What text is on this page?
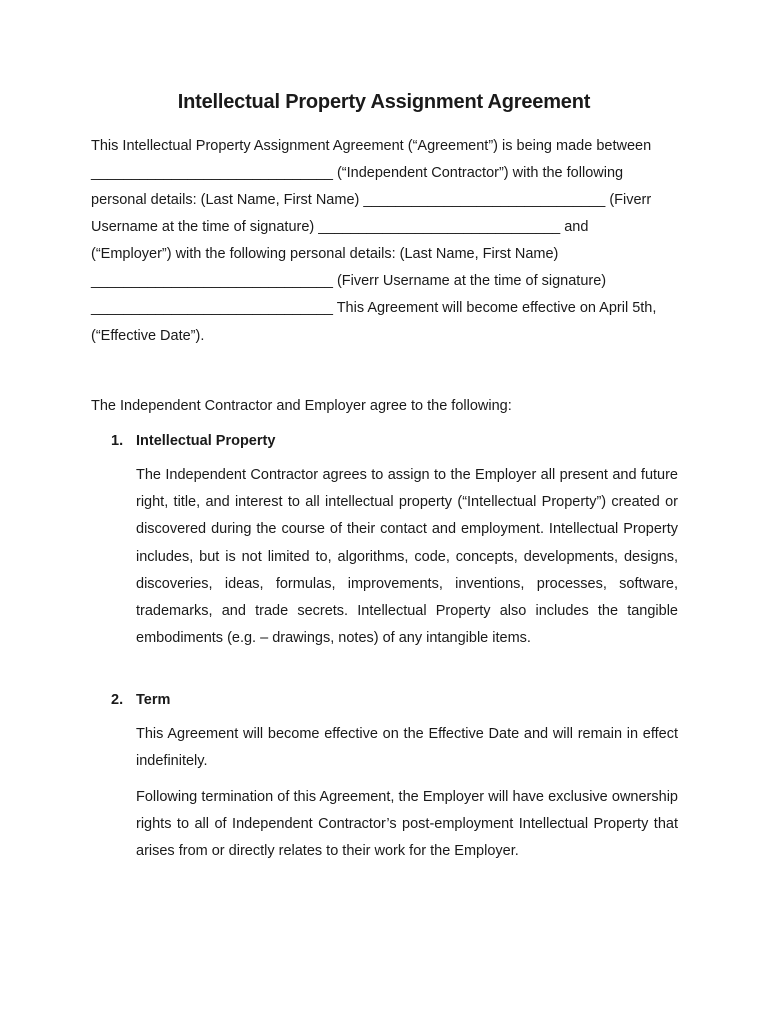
Intellectual Property Assignment Agreement
This Intellectual Property Assignment Agreement (“Agreement”) is being made between
______________________________ (“Independent Contractor”) with the following
personal details: (Last Name, First Name) ______________________________ (Fiverr
Username at the time of signature) ______________________________ and
(“Employer”) with the following personal details: (Last Name, First Name)
______________________________ (Fiverr Username at the time of signature)
______________________________ This Agreement will become effective on April 5th,
(“Effective Date”).
The Independent Contractor and Employer agree to the following:
1. Intellectual Property
The Independent Contractor agrees to assign to the Employer all present and future right, title, and interest to all intellectual property (“Intellectual Property”) created or discovered during the course of their contact and employment. Intellectual Property includes, but is not limited to, algorithms, code, concepts, developments, designs, discoveries, ideas, formulas, improvements, inventions, processes, software, trademarks, and trade secrets. Intellectual Property also includes the tangible embodiments (e.g. – drawings, notes) of any intangible items.
2. Term
This Agreement will become effective on the Effective Date and will remain in effect indefinitely.
Following termination of this Agreement, the Employer will have exclusive ownership rights to all of Independent Contractor’s post-employment Intellectual Property that arises from or directly relates to their work for the Employer.
